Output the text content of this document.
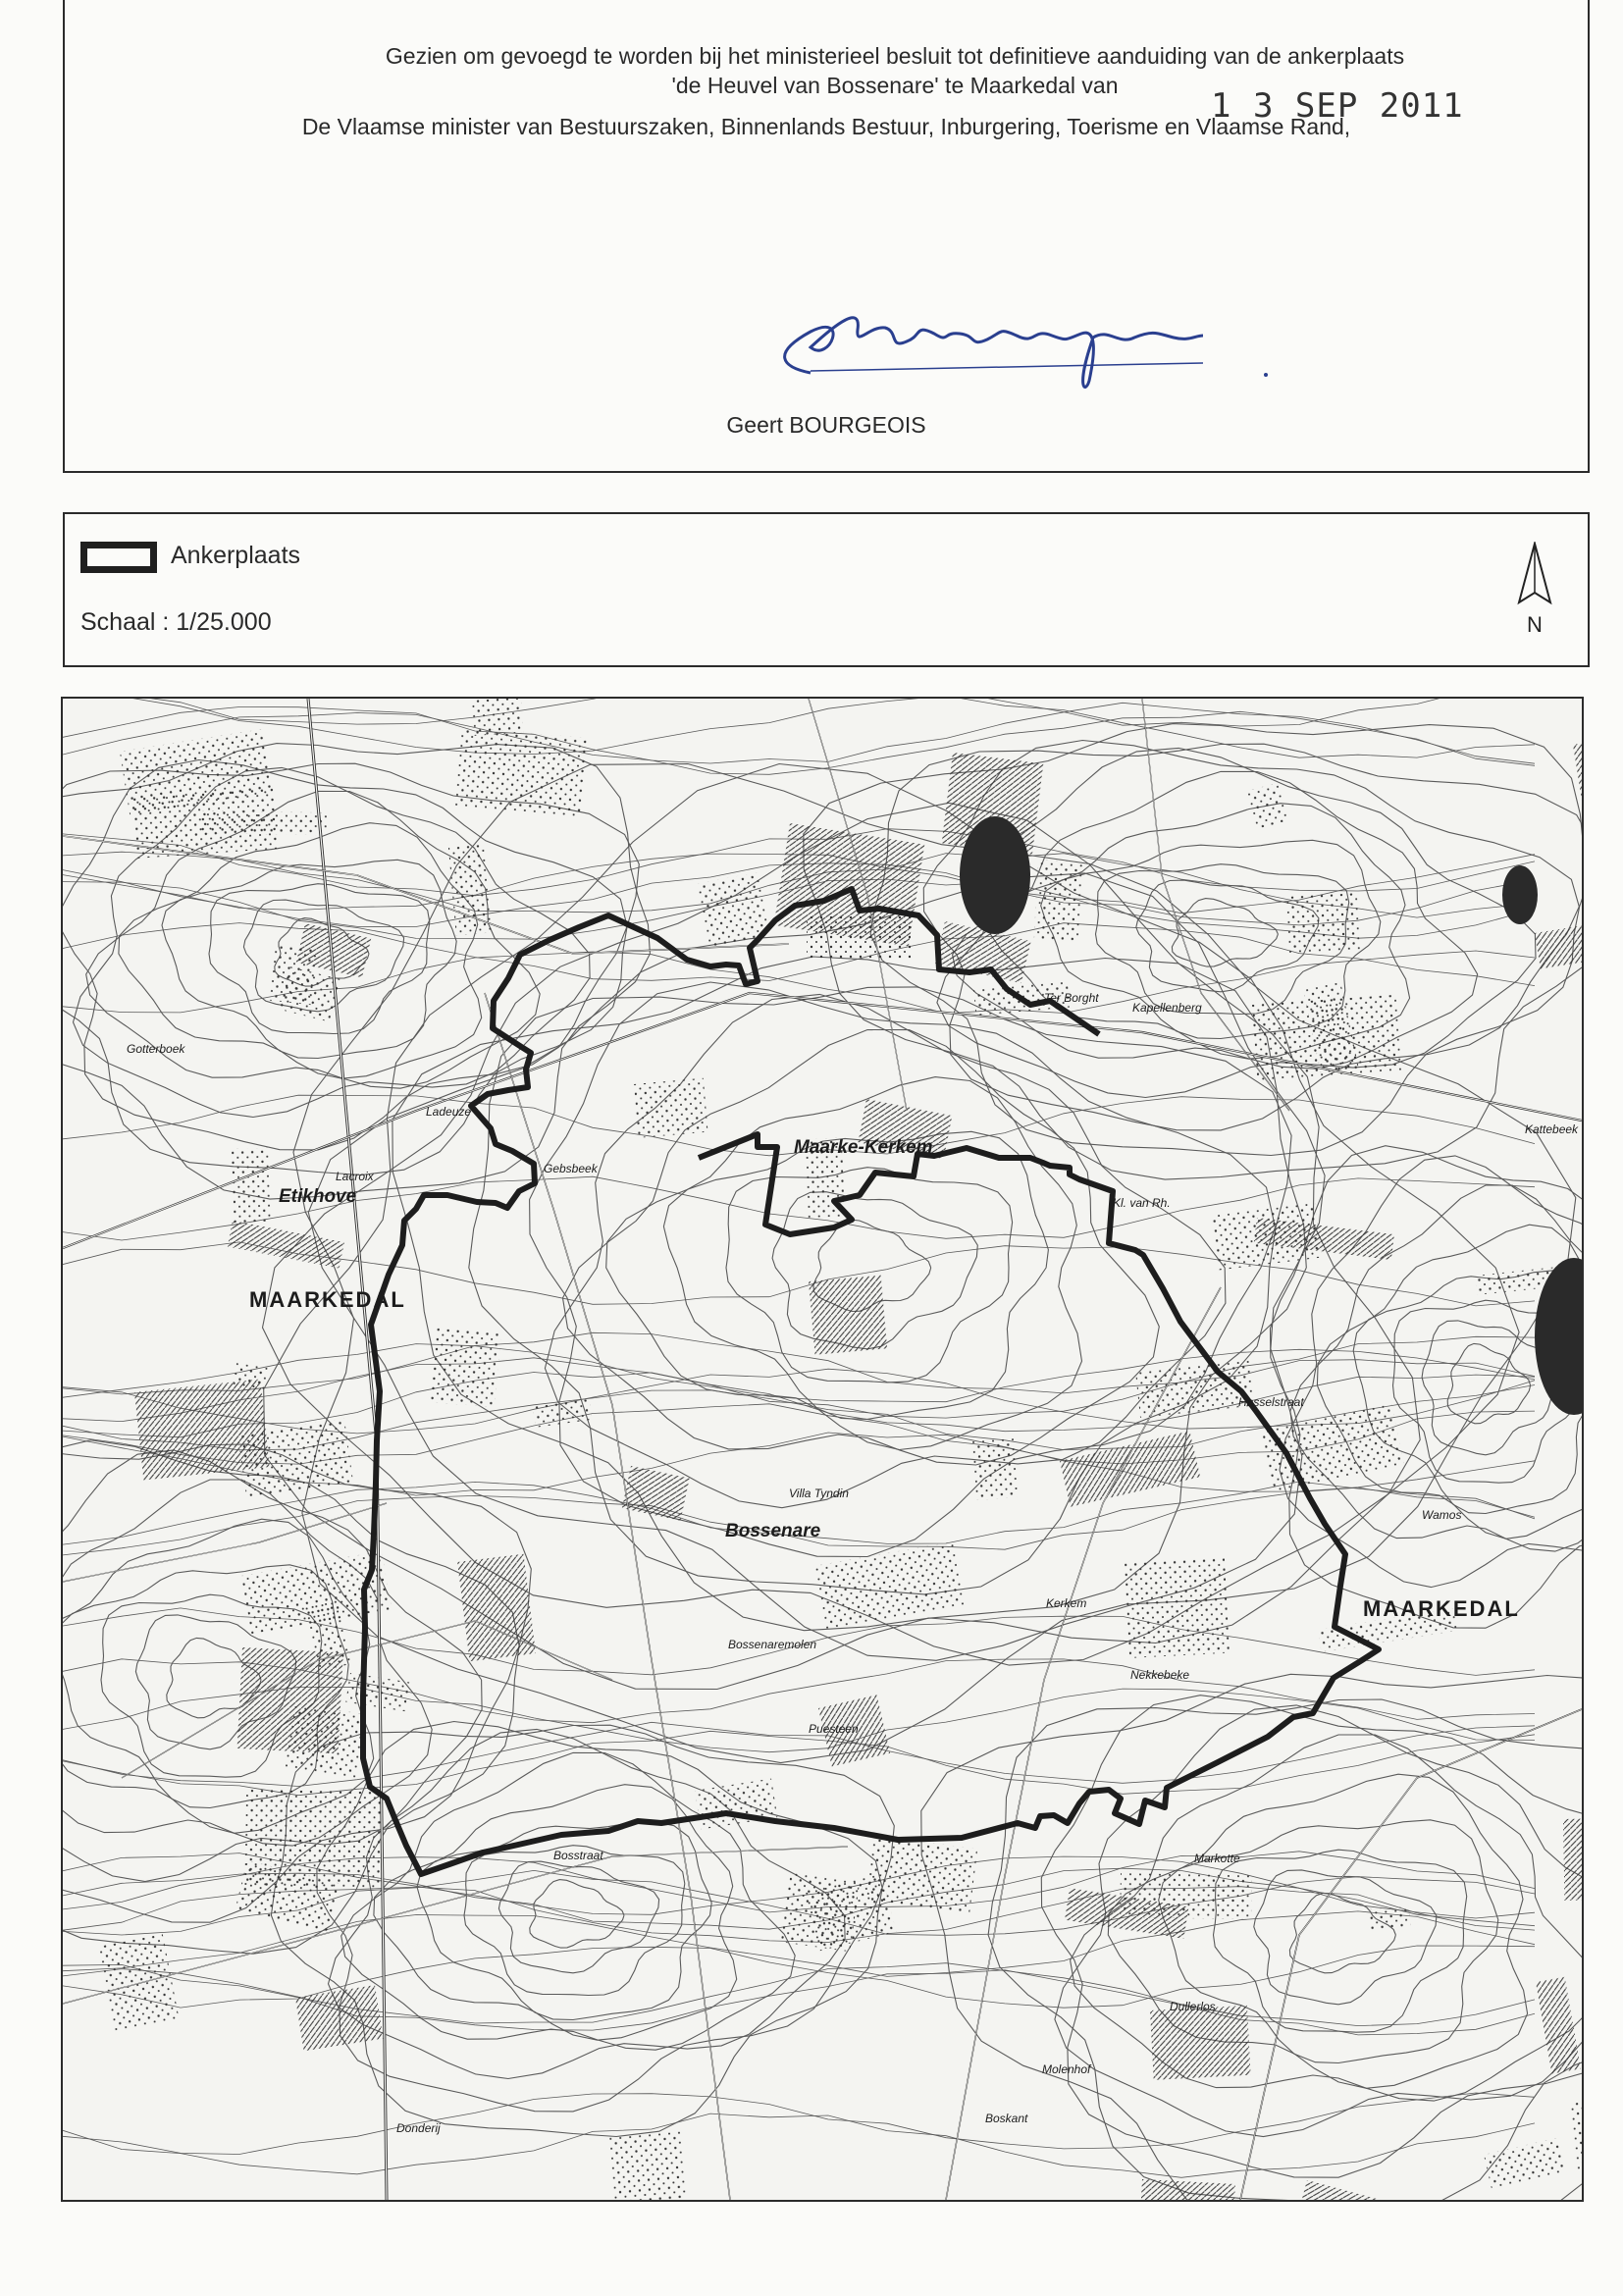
Gezien om gevoegd te worden bij het ministerieel besluit tot definitieve aanduiding van de ankerplaats
'de Heuvel van Bossenare' te Maarkedal van
1 3 SEP 2011
De Vlaamse minister van Bestuurszaken, Binnenlands Bestuur, Inburgering, Toerisme en Vlaamse Rand,
Geert BOURGEOIS
Ankerplaats
Schaal : 1/25.000	N
MAARKEDAL
MAARKEDAL
Etikhove
Maarke-Kerkem
Bossenare
Bossenaremolen
Kerkem
Hasselstraat
Ter Borght
Kapellenberg
Gotterboek
Ladeuze
Lacroix
Gebsbeek
Kattebeek
Bosstraat
Molenhof
Boskant
Donderij
Dullerlos
Markotte
Nekkebeke
Puesteen
Wamos
Kl. van Rh.
Villa Tyndin
